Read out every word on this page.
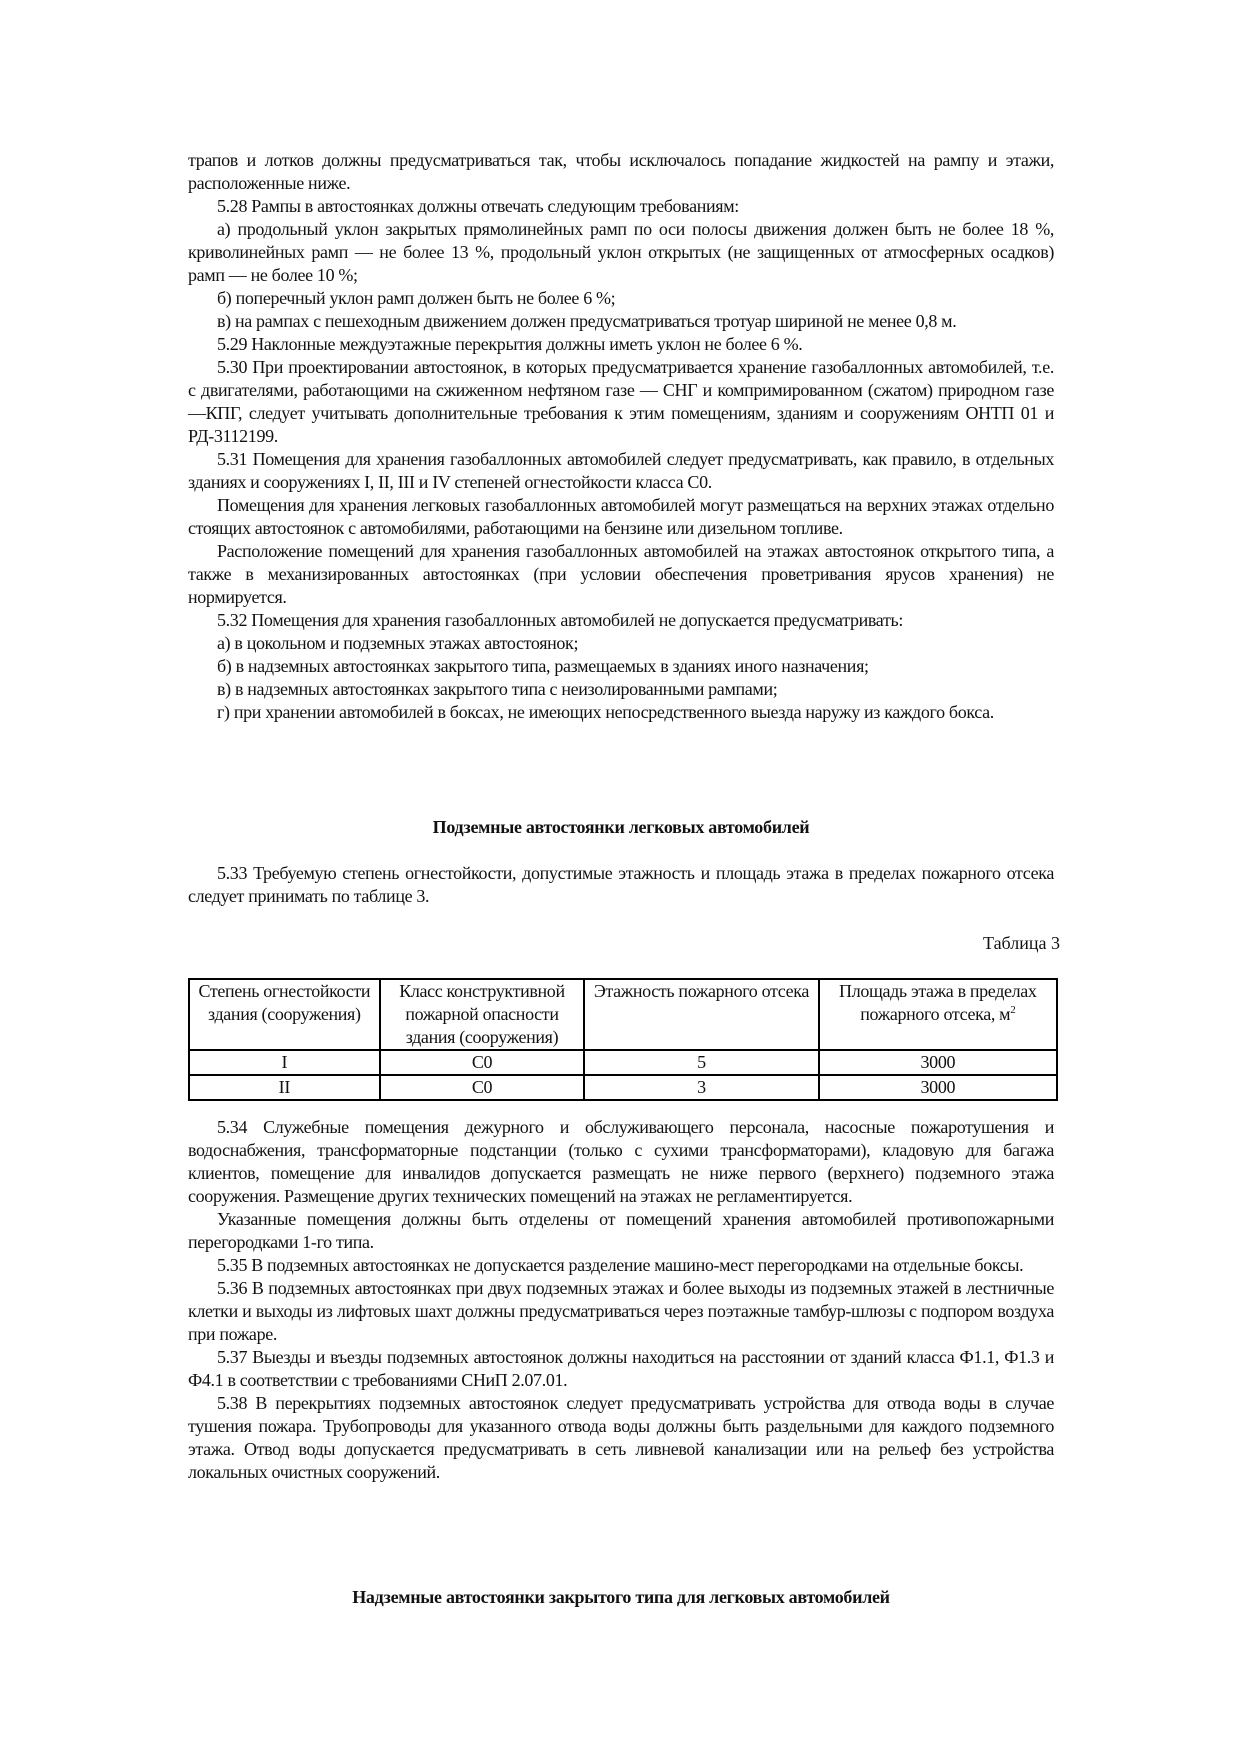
трапов и лотков должны предусматриваться так, чтобы исключалось попадание жидкостей на рампу и этажи, расположенные ниже.

5.28 Рампы в автостоянках должны отвечать следующим требованиям:

а) продольный уклон закрытых прямолинейных рамп по оси полосы движения должен быть не более 18 %, криволинейных рамп — не более 13 %, продольный уклон открытых (не защищенных от атмосферных осадков) рамп — не более 10 %;

б) поперечный уклон рамп должен быть не более 6 %;

в) на рампах с пешеходным движением должен предусматриваться тротуар шириной не менее 0,8 м.

5.29 Наклонные междуэтажные перекрытия должны иметь уклон не более 6 %.

5.30 При проектировании автостоянок, в которых предусматривается хранение газобаллонных автомобилей, т.е. с двигателями, работающими на сжиженном нефтяном газе — СНГ и компримированном (сжатом) природном газе—КПГ, следует учитывать дополнительные требования к этим помещениям, зданиям и сооружениям ОНТП 01 и РД-3112199.

5.31 Помещения для хранения газобаллонных автомобилей следует предусматривать, как правило, в отдельных зданиях и сооружениях I, II, III и IV степеней огнестойкости класса С0.

Помещения для хранения легковых газобаллонных автомобилей могут размещаться на верхних этажах отдельно стоящих автостоянок с автомобилями, работающими на бензине или дизельном топливе.

Расположение помещений для хранения газобаллонных автомобилей на этажах автостоянок открытого типа, а также в механизированных автостоянках (при условии обеспечения проветривания ярусов хранения) не нормируется.

5.32 Помещения для хранения газобаллонных автомобилей не допускается предусматривать:

а) в цокольном и подземных этажах автостоянок;

б) в надземных автостоянках закрытого типа, размещаемых в зданиях иного назначения;

в) в надземных автостоянках закрытого типа с неизолированными рампами;

г) при хранении автомобилей в боксах, не имеющих непосредственного выезда наружу из каждого бокса.

Подземные автостоянки легковых автомобилей

5.33 Требуемую степень огнестойкости, допустимые этажность и площадь этажа в пределах пожарного отсека следует принимать по таблице 3.

Таблица 3
Степень огнестойкости здания (сооружения)	Класс конструктивной пожарной опасности здания (сооружения)	Этажность пожарного отсека	Площадь этажа в пределах пожарного отсека, $м^2$
I	С0	5	3000
II	С0	3	3000

5.34 Служебные помещения дежурного и обслуживающего персонала, насосные пожаротушения и водоснабжения, трансформаторные подстанции (только с сухими трансформаторами), кладовую для багажа клиентов, помещение для инвалидов допускается размещать не ниже первого (верхнего) подземного этажа сооружения. Размещение других технических помещений на этажах не регламентируется.

Указанные помещения должны быть отделены от помещений хранения автомобилей противопожарными перегородками 1-го типа.

5.35 В подземных автостоянках не допускается разделение машино-мест перегородками на отдельные боксы.

5.36 В подземных автостоянках при двух подземных этажах и более выходы из подземных этажей в лестничные клетки и выходы из лифтовых шахт должны предусматриваться через поэтажные тамбур-шлюзы с подпором воздуха при пожаре.

5.37 Выезды и въезды подземных автостоянок должны находиться на расстоянии от зданий класса Ф1.1, Ф1.3 и Ф4.1 в соответствии с требованиями СНиП 2.07.01.

5.38 В перекрытиях подземных автостоянок следует предусматривать устройства для отвода воды в случае тушения пожара. Трубопроводы для указанного отвода воды должны быть раздельными для каждого подземного этажа. Отвод воды допускается предусматривать в сеть ливневой канализации или на рельеф без устройства локальных очистных сооружений.

Надземные автостоянки закрытого типа для легковых автомобилей
